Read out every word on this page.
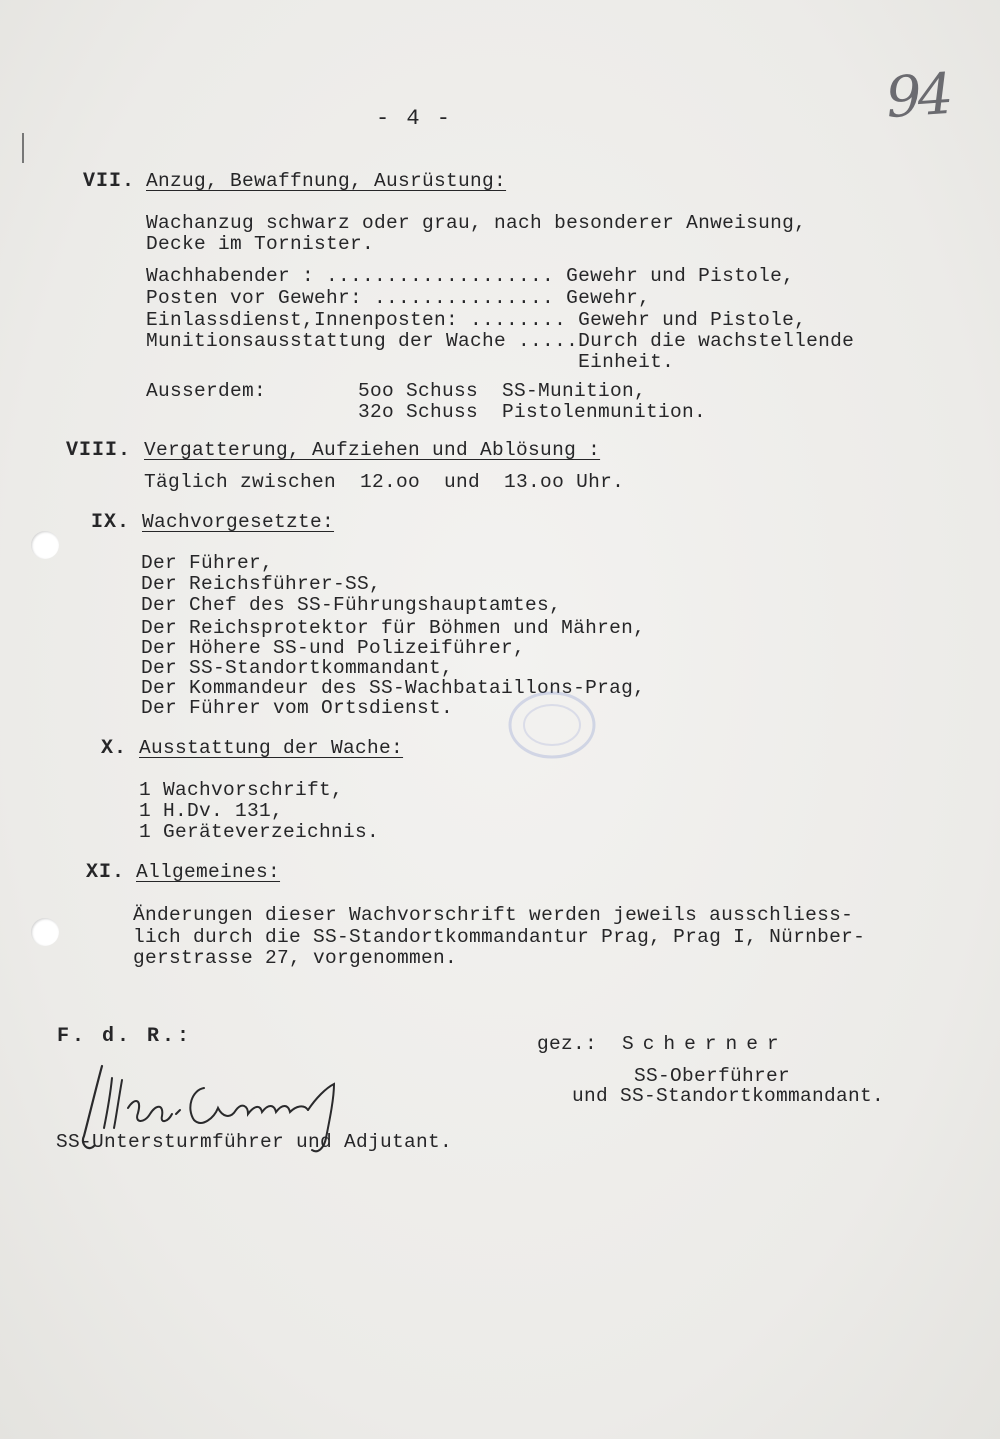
- 4 -	94
VII. Anzug, Bewaffnung, Ausrüstung:
Wachanzug schwarz oder grau, nach besonderer Anweisung,
Decke im Tornister.
Wachhabender : ................... Gewehr und Pistole,
Posten vor Gewehr: ............... Gewehr,
Einlassdienst,Innenposten: ........ Gewehr und Pistole,
Munitionsausstattung der Wache .....Durch die wachstellende
Einheit.
Ausserdem:	5oo Schuss  SS-Munition,
32o Schuss  Pistolenmunition.
VIII. Vergatterung, Aufziehen und Ablösung :
Täglich zwischen  12.oo  und  13.oo Uhr.
IX. Wachvorgesetzte:
Der Führer,
Der Reichsführer-SS,
Der Chef des SS-Führungshauptamtes,
Der Reichsprotektor für Böhmen und Mähren,
Der Höhere SS-und Polizeiführer,
Der SS-Standortkommandant,
Der Kommandeur des SS-Wachbataillons-Prag,
Der Führer vom Ortsdienst.
X. Ausstattung der Wache:
1 Wachvorschrift,
1 H.Dv. 131,
1 Geräteverzeichnis.
XI. Allgemeines:
Änderungen dieser Wachvorschrift werden jeweils ausschliess-
lich durch die SS-Standortkommandantur Prag, Prag I, Nürnber-
gerstrasse 27, vorgenommen.
F. d. R.:
SS-Untersturmführer und Adjutant.
gez.: Scherner
SS-Oberführer
und SS-Standortkommandant.
